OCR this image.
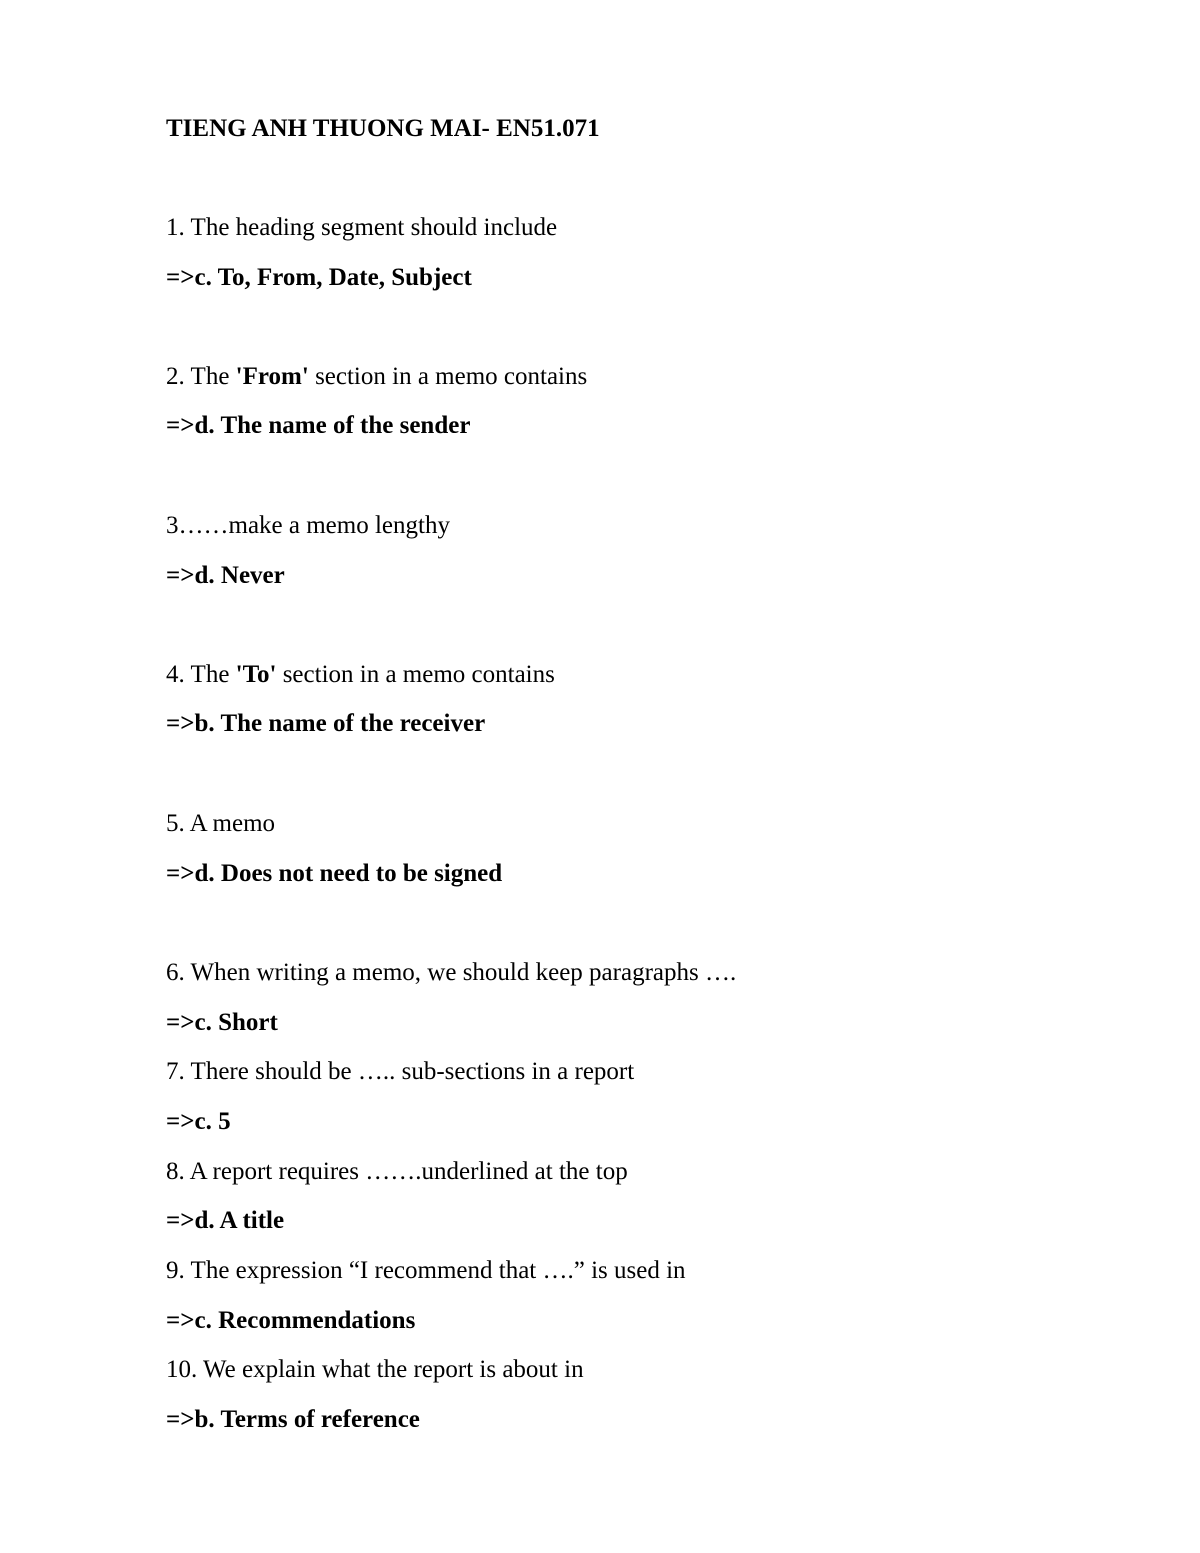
TIENG ANH THUONG MAI- EN51.071
1. The heading segment should include
=>c. To, From, Date, Subject
2. The 'From' section in a memo contains
=>d. The name of the sender
3……make a memo lengthy
=>d. Never
4. The 'To' section in a memo contains
=>b. The name of the receiver
5. A memo
=>d. Does not need to be signed
6. When writing a memo, we should keep paragraphs ….
=>c. Short
7. There should be ….. sub-sections in a report
=>c. 5
8. A report requires …….underlined at the top
=>d. A title
9. The expression “I recommend that ….” is used in
=>c. Recommendations
10. We explain what the report is about in
=>b. Terms of reference
